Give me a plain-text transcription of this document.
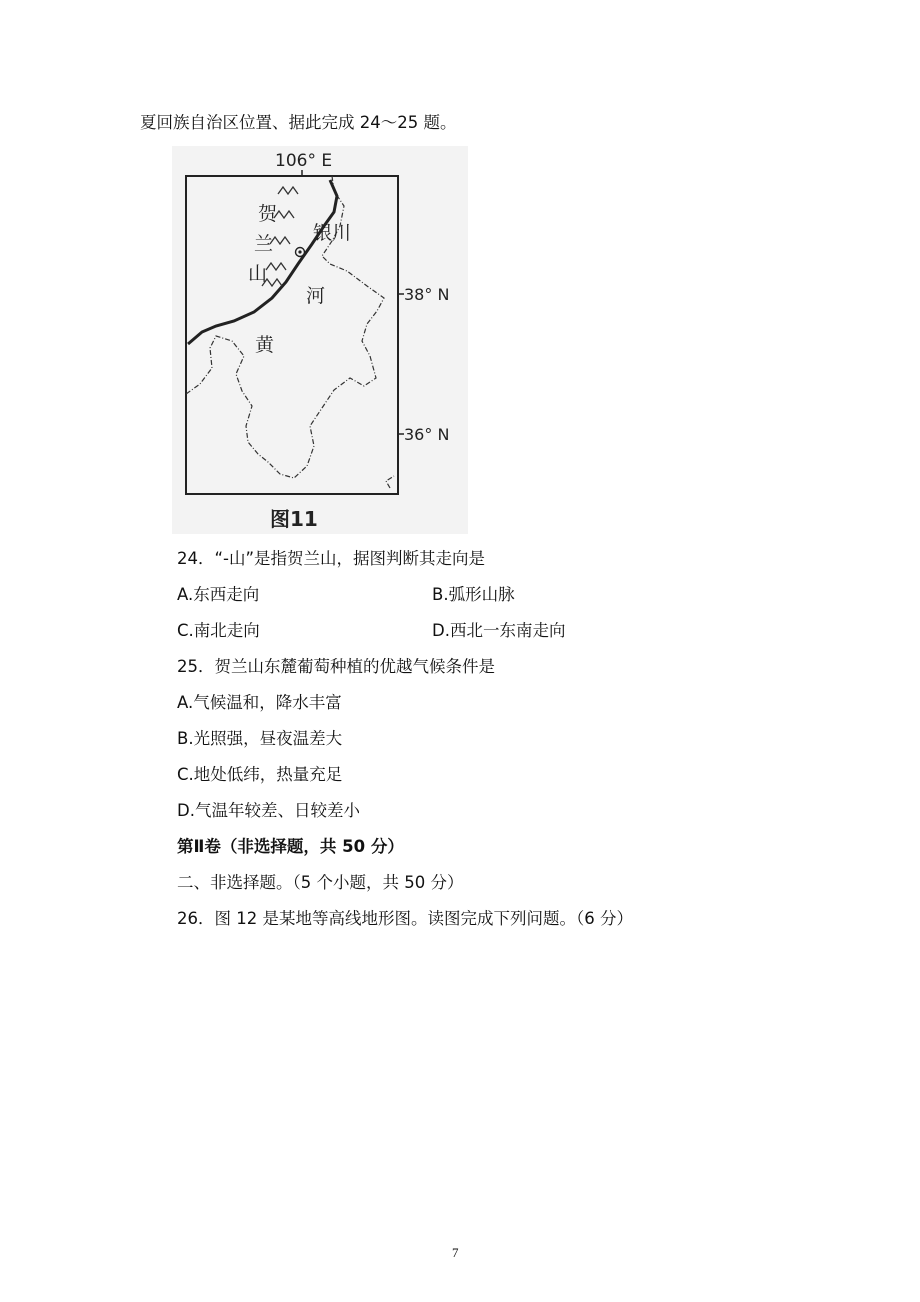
夏回族自治区位置、据此完成 24～25 题。
106° E
38° N
36° N
贺
兰
山
银川
黄
河
图11
24．“-山”是指贺兰山，据图判断其走向是
A.东西走向	B.弧形山脉
C.南北走向	D.西北一东南走向
25．贺兰山东麓葡萄种植的优越气候条件是
A.气候温和，降水丰富
B.光照强，昼夜温差大
C.地处低纬，热量充足
D.气温年较差、日较差小
第Ⅱ卷（非选择题，共 50 分）
二、非选择题。（5 个小题，共 50 分）
26．图 12 是某地等高线地形图。读图完成下列问题。（6 分）
7
